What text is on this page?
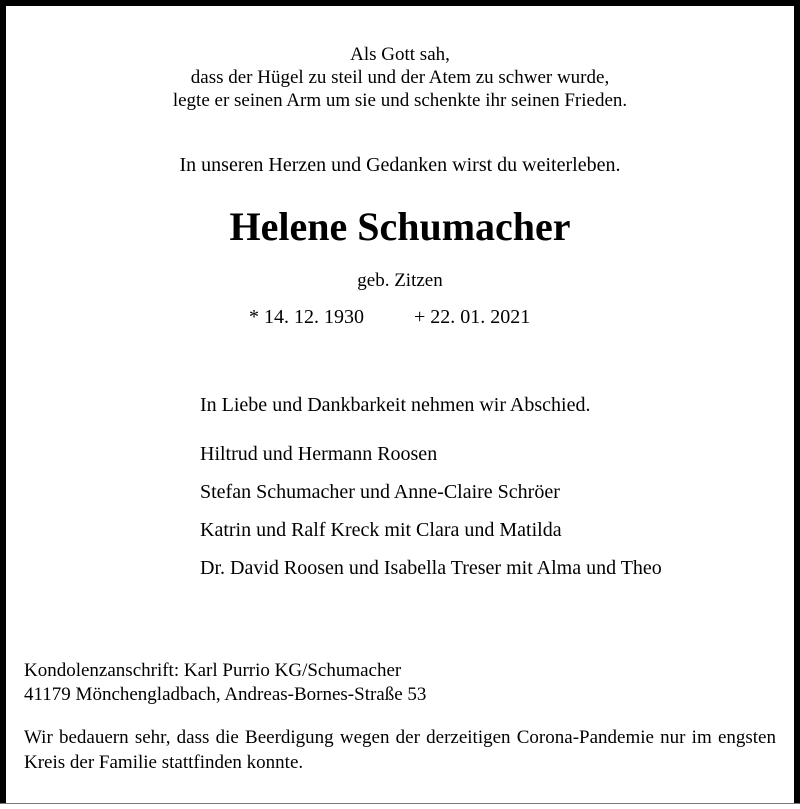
Als Gott sah,
dass der Hügel zu steil und der Atem zu schwer wurde,
legte er seinen Arm um sie und schenkte ihr seinen Frieden.
In unseren Herzen und Gedanken wirst du weiterleben.
Helene Schumacher
geb. Zitzen
* 14. 12. 1930	+ 22. 01. 2021
In Liebe und Dankbarkeit nehmen wir Abschied.
Hiltrud und Hermann Roosen
Stefan Schumacher und Anne-Claire Schröer
Katrin und Ralf Kreck mit Clara und Matilda
Dr. David Roosen und Isabella Treser mit Alma und Theo
Kondolenzanschrift: Karl Purrio KG/Schumacher
41179 Mönchengladbach, Andreas-Bornes-Straße 53
Wir bedauern sehr, dass die Beerdigung wegen der derzeitigen Corona-Pandemie nur im engsten Kreis der Familie stattfinden konnte.
